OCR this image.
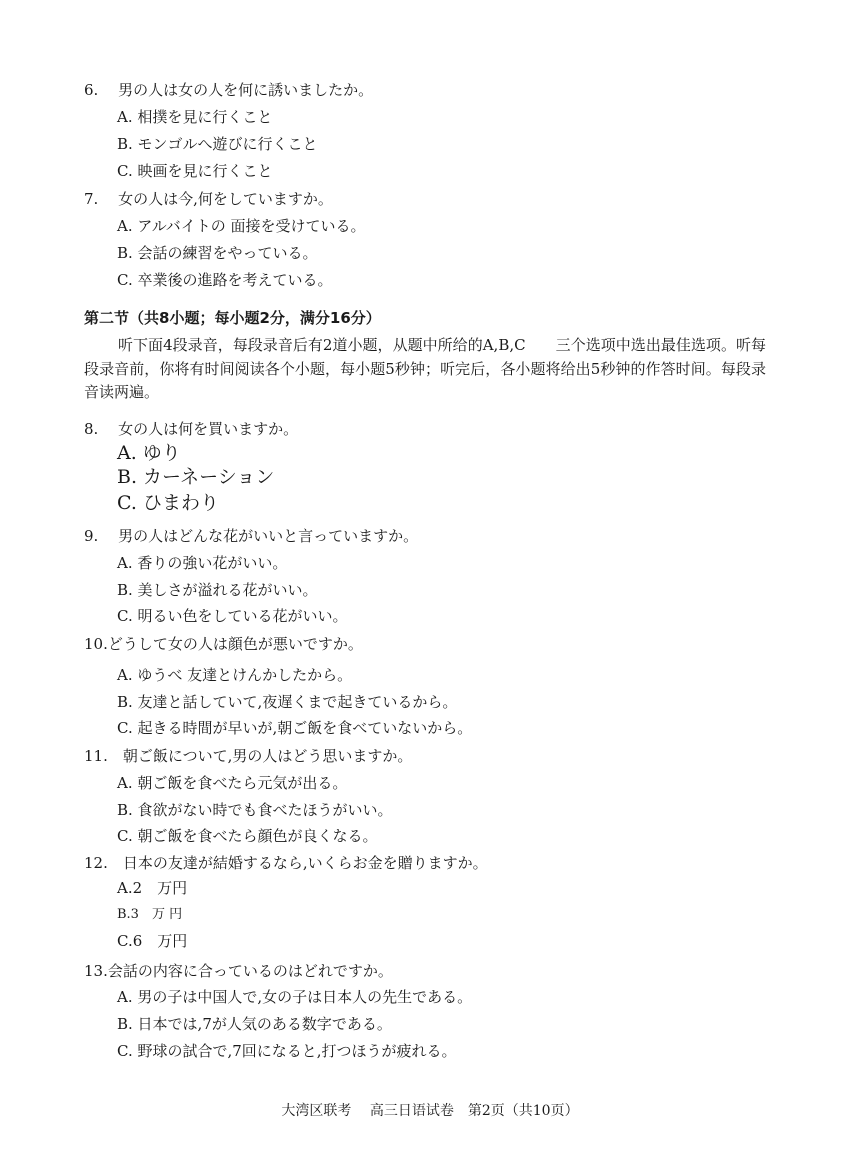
6.　 男の人は女の人を何に誘いましたか。
A. 相撲を見に行くこと
B. モンゴルへ遊びに行くこと
C. 映画を見に行くこと
7.　 女の人は今,何をしていますか。
A. アルバイトの 面接を受けている。
B. 会話の練習をやっている。
C. 卒業後の進路を考えている。
第二节（共8小题；每小题2分，满分16分）
听下面4段录音，每段录音后有2道小题，从题中所给的A,B,C　　三个选项中选出最佳选项。听每段录音前，你将有时间阅读各个小题，每小题5秒钟；听完后，各小题将给出5秒钟的作答时间。每段录音读两遍。
8.　 女の人は何を買いますか。
A. ゆり
B. カーネーション
C. ひまわり
9.　 男の人はどんな花がいいと言っていますか。
A. 香りの強い花がいい。
B. 美しさが溢れる花がいい。
C. 明るい色をしている花がいい。
10.どうして女の人は顔色が悪いですか。
A. ゆうべ 友達とけんかしたから。
B. 友達と話していて,夜遅くまで起きているから。
C. 起きる時間が早いが,朝ご飯を食べていないから。
11.　 朝ご飯について,男の人はどう思いますか。
A. 朝ご飯を食べたら元気が出る。
B. 食欲がない時でも食べたほうがいい。
C. 朝ご飯を食べたら顔色が良くなる。
12.　 日本の友達が結婚するなら,いくらお金を贈りますか。
A.2　万円
B.3　万 円
C.6　万円
13.会話の内容に合っているのはどれですか。
A. 男の子は中国人で,女の子は日本人の先生である。
B. 日本では,7が人気のある数字である。
C. 野球の試合で,7回になると,打つほうが疲れる。
大湾区联考　 高三日语试卷　第2页（共10页）
